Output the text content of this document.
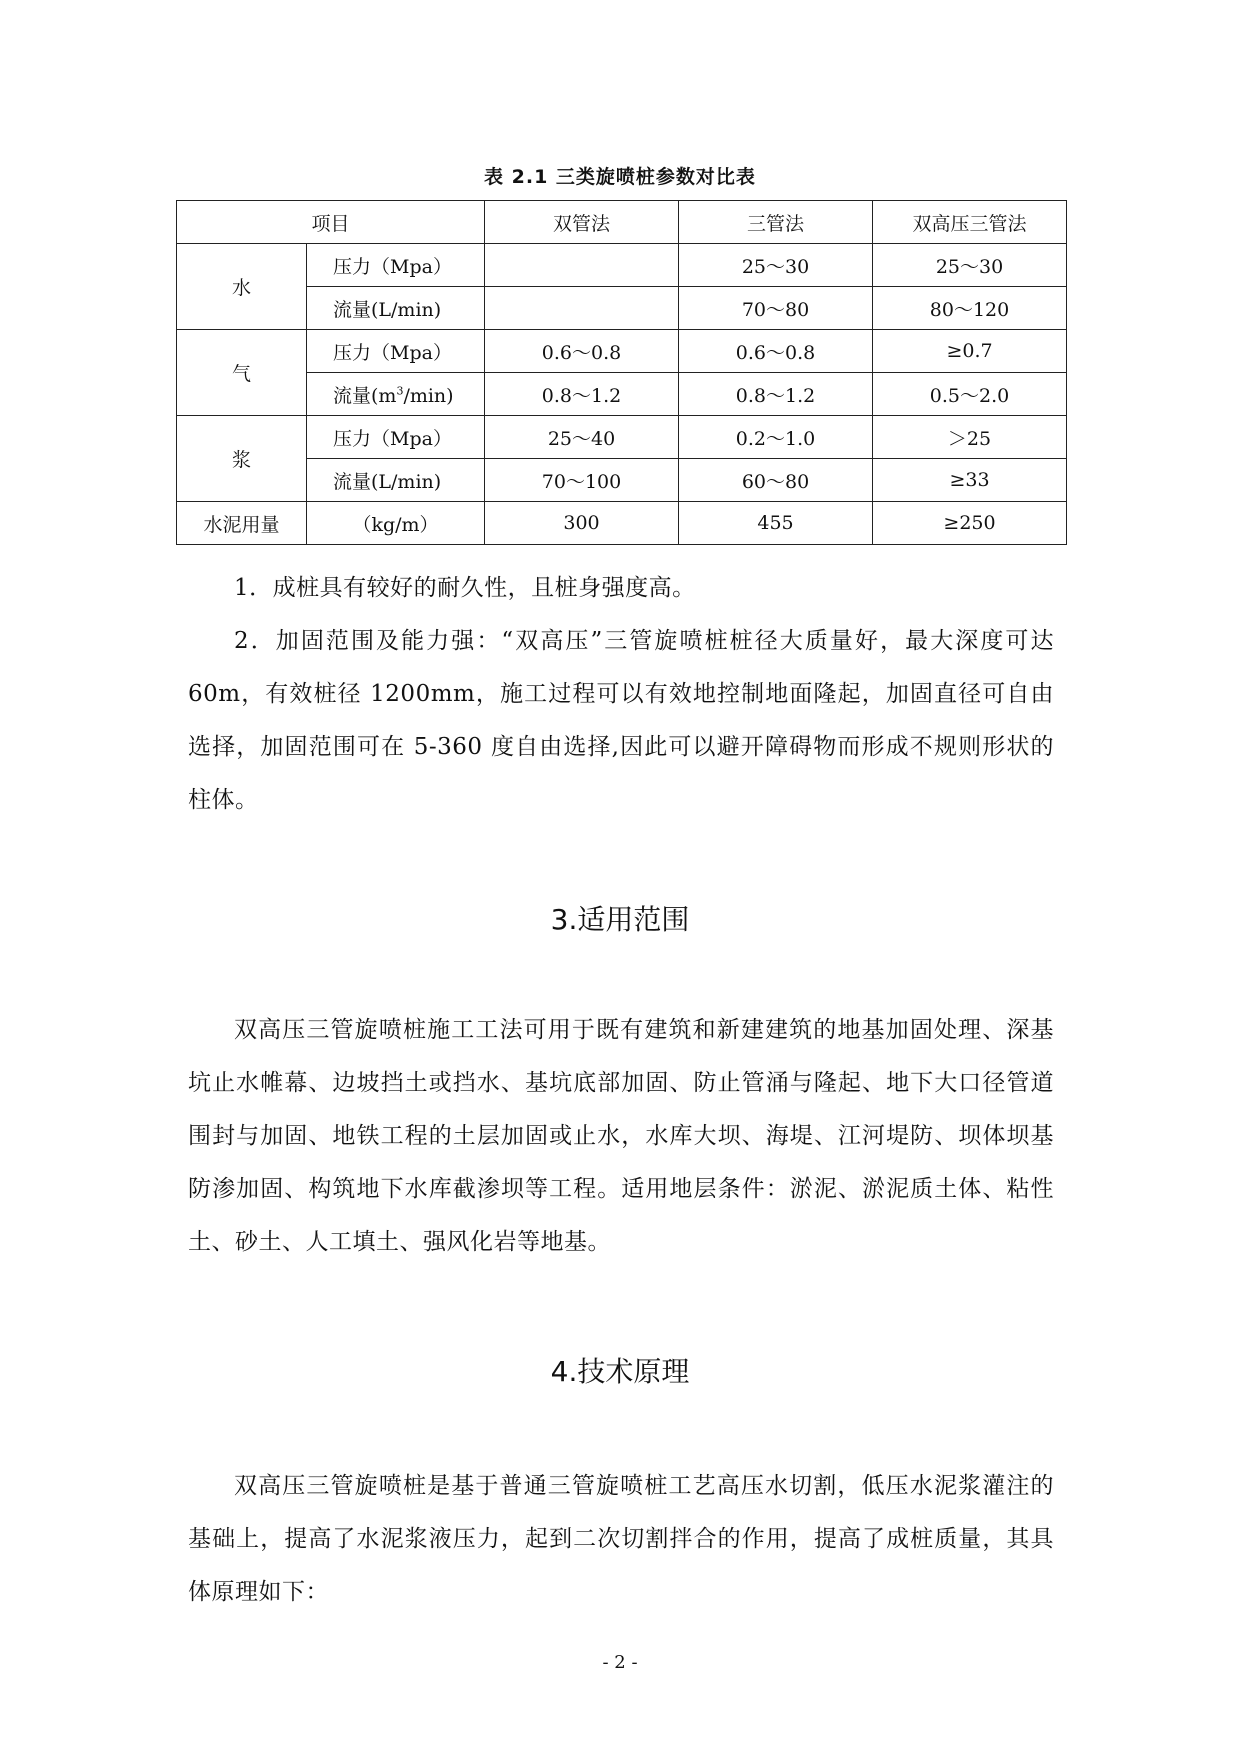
表 2.1 三类旋喷桩参数对比表
项目		双管法	三管法	双高压三管法
水	压力（Mpa）		25～30	25～30
	流量(L/min)		70～80	80～120
气	压力（Mpa）	0.6～0.8	0.6～0.8	≥0.7
	流量$(m^3/\min)$	0.8～1.2	0.8～1.2	0.5～2.0
浆	压力（Mpa）	25～40	0.2～1.0	＞25
	流量(L/min)	70～100	60～80	≥33
水泥用量	（kg/m）	300	455	≥250

1．成桩具有较好的耐久性，且桩身强度高。

2．加固范围及能力强：“双高压”三管旋喷桩桩径大质量好，最大深度可达 60m，有效桩径 1200mm，施工过程可以有效地控制地面隆起，加固直径可自由选择，加固范围可在 5-360 度自由选择,因此可以避开障碍物而形成不规则形状的柱体。

3.适用范围

双高压三管旋喷桩施工工法可用于既有建筑和新建建筑的地基加固处理、深基坑止水帷幕、边坡挡土或挡水、基坑底部加固、防止管涌与隆起、地下大口径管道围封与加固、地铁工程的土层加固或止水，水库大坝、海堤、江河堤防、坝体坝基防渗加固、构筑地下水库截渗坝等工程。适用地层条件：淤泥、淤泥质土体、粘性土、砂土、人工填土、强风化岩等地基。

4.技术原理

双高压三管旋喷桩是基于普通三管旋喷桩工艺高压水切割，低压水泥浆灌注的基础上，提高了水泥浆液压力，起到二次切割拌合的作用，提高了成桩质量，其具体原理如下：

- 2 -
